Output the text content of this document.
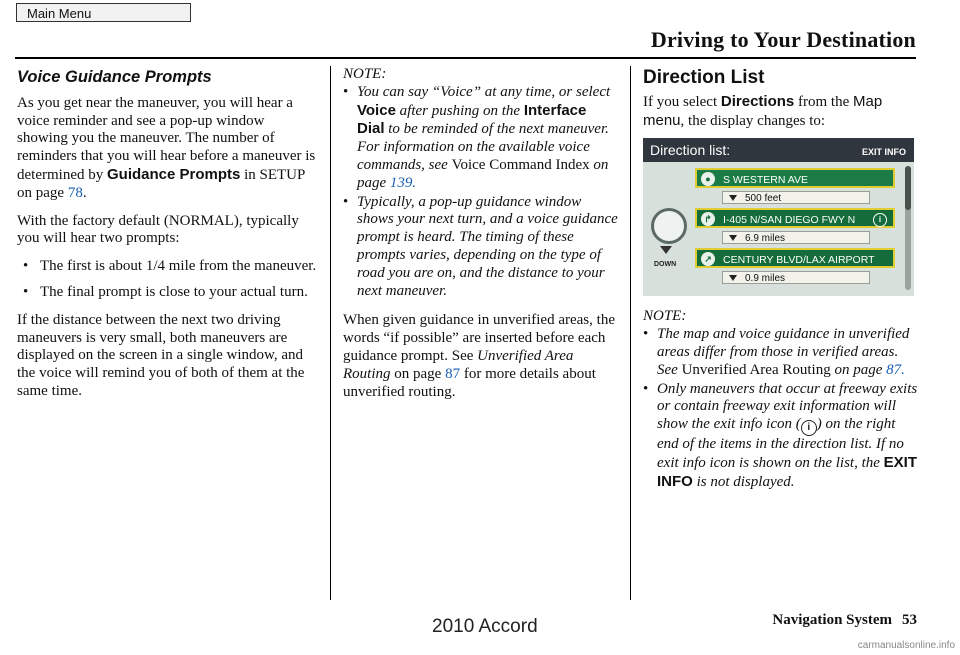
Main Menu
Driving to Your Destination
Voice Guidance Prompts

As you get near the maneuver, you will hear a voice reminder and see a pop-up window showing you the maneuver. The number of reminders that you will hear before a maneuver is determined by Guidance Prompts in SETUP on page 78.

With the factory default (NORMAL), typically you will hear two prompts:

• The first is about 1/4 mile from the maneuver.
• The final prompt is close to your actual turn.

If the distance between the next two driving maneuvers is very small, both maneuvers are displayed on the screen in a single window, and the voice will remind you of both of them at the same time.

NOTE:

• You can say “Voice” at any time, or select Voice after pushing on the Interface Dial to be reminded of the next maneuver. For information on the available voice commands, see Voice Command Index on page 139.
• Typically, a pop-up guidance window shows your next turn, and a voice guidance prompt is heard. The timing of these prompts varies, depending on the type of road you are on, and the distance to your next maneuver.

When given guidance in unverified areas, the words “if possible” are inserted before each guidance prompt. See Unverified Area Routing on page 87 for more details about unverified routing.

Direction List

If you select Directions from the Map menu, the display changes to:

Direction list:	EXIT INFO
DOWN
●	S WESTERN AVE
500 feet
↱	I-405 N/SAN DIEGO FWY N	i
6.9 miles
↗	CENTURY BLVD/LAX AIRPORT
0.9 miles

NOTE:

• The map and voice guidance in unverified areas differ from those in verified areas. See Unverified Area Routing on page 87.
• Only maneuvers that occur at freeway exits or contain freeway exit information will show the exit info icon ( i ) on the right end of the items in the direction list. If no exit info icon is shown on the list, the EXIT INFO is not displayed.
Navigation System 53
2010 Accord
carmanualsonline.info
